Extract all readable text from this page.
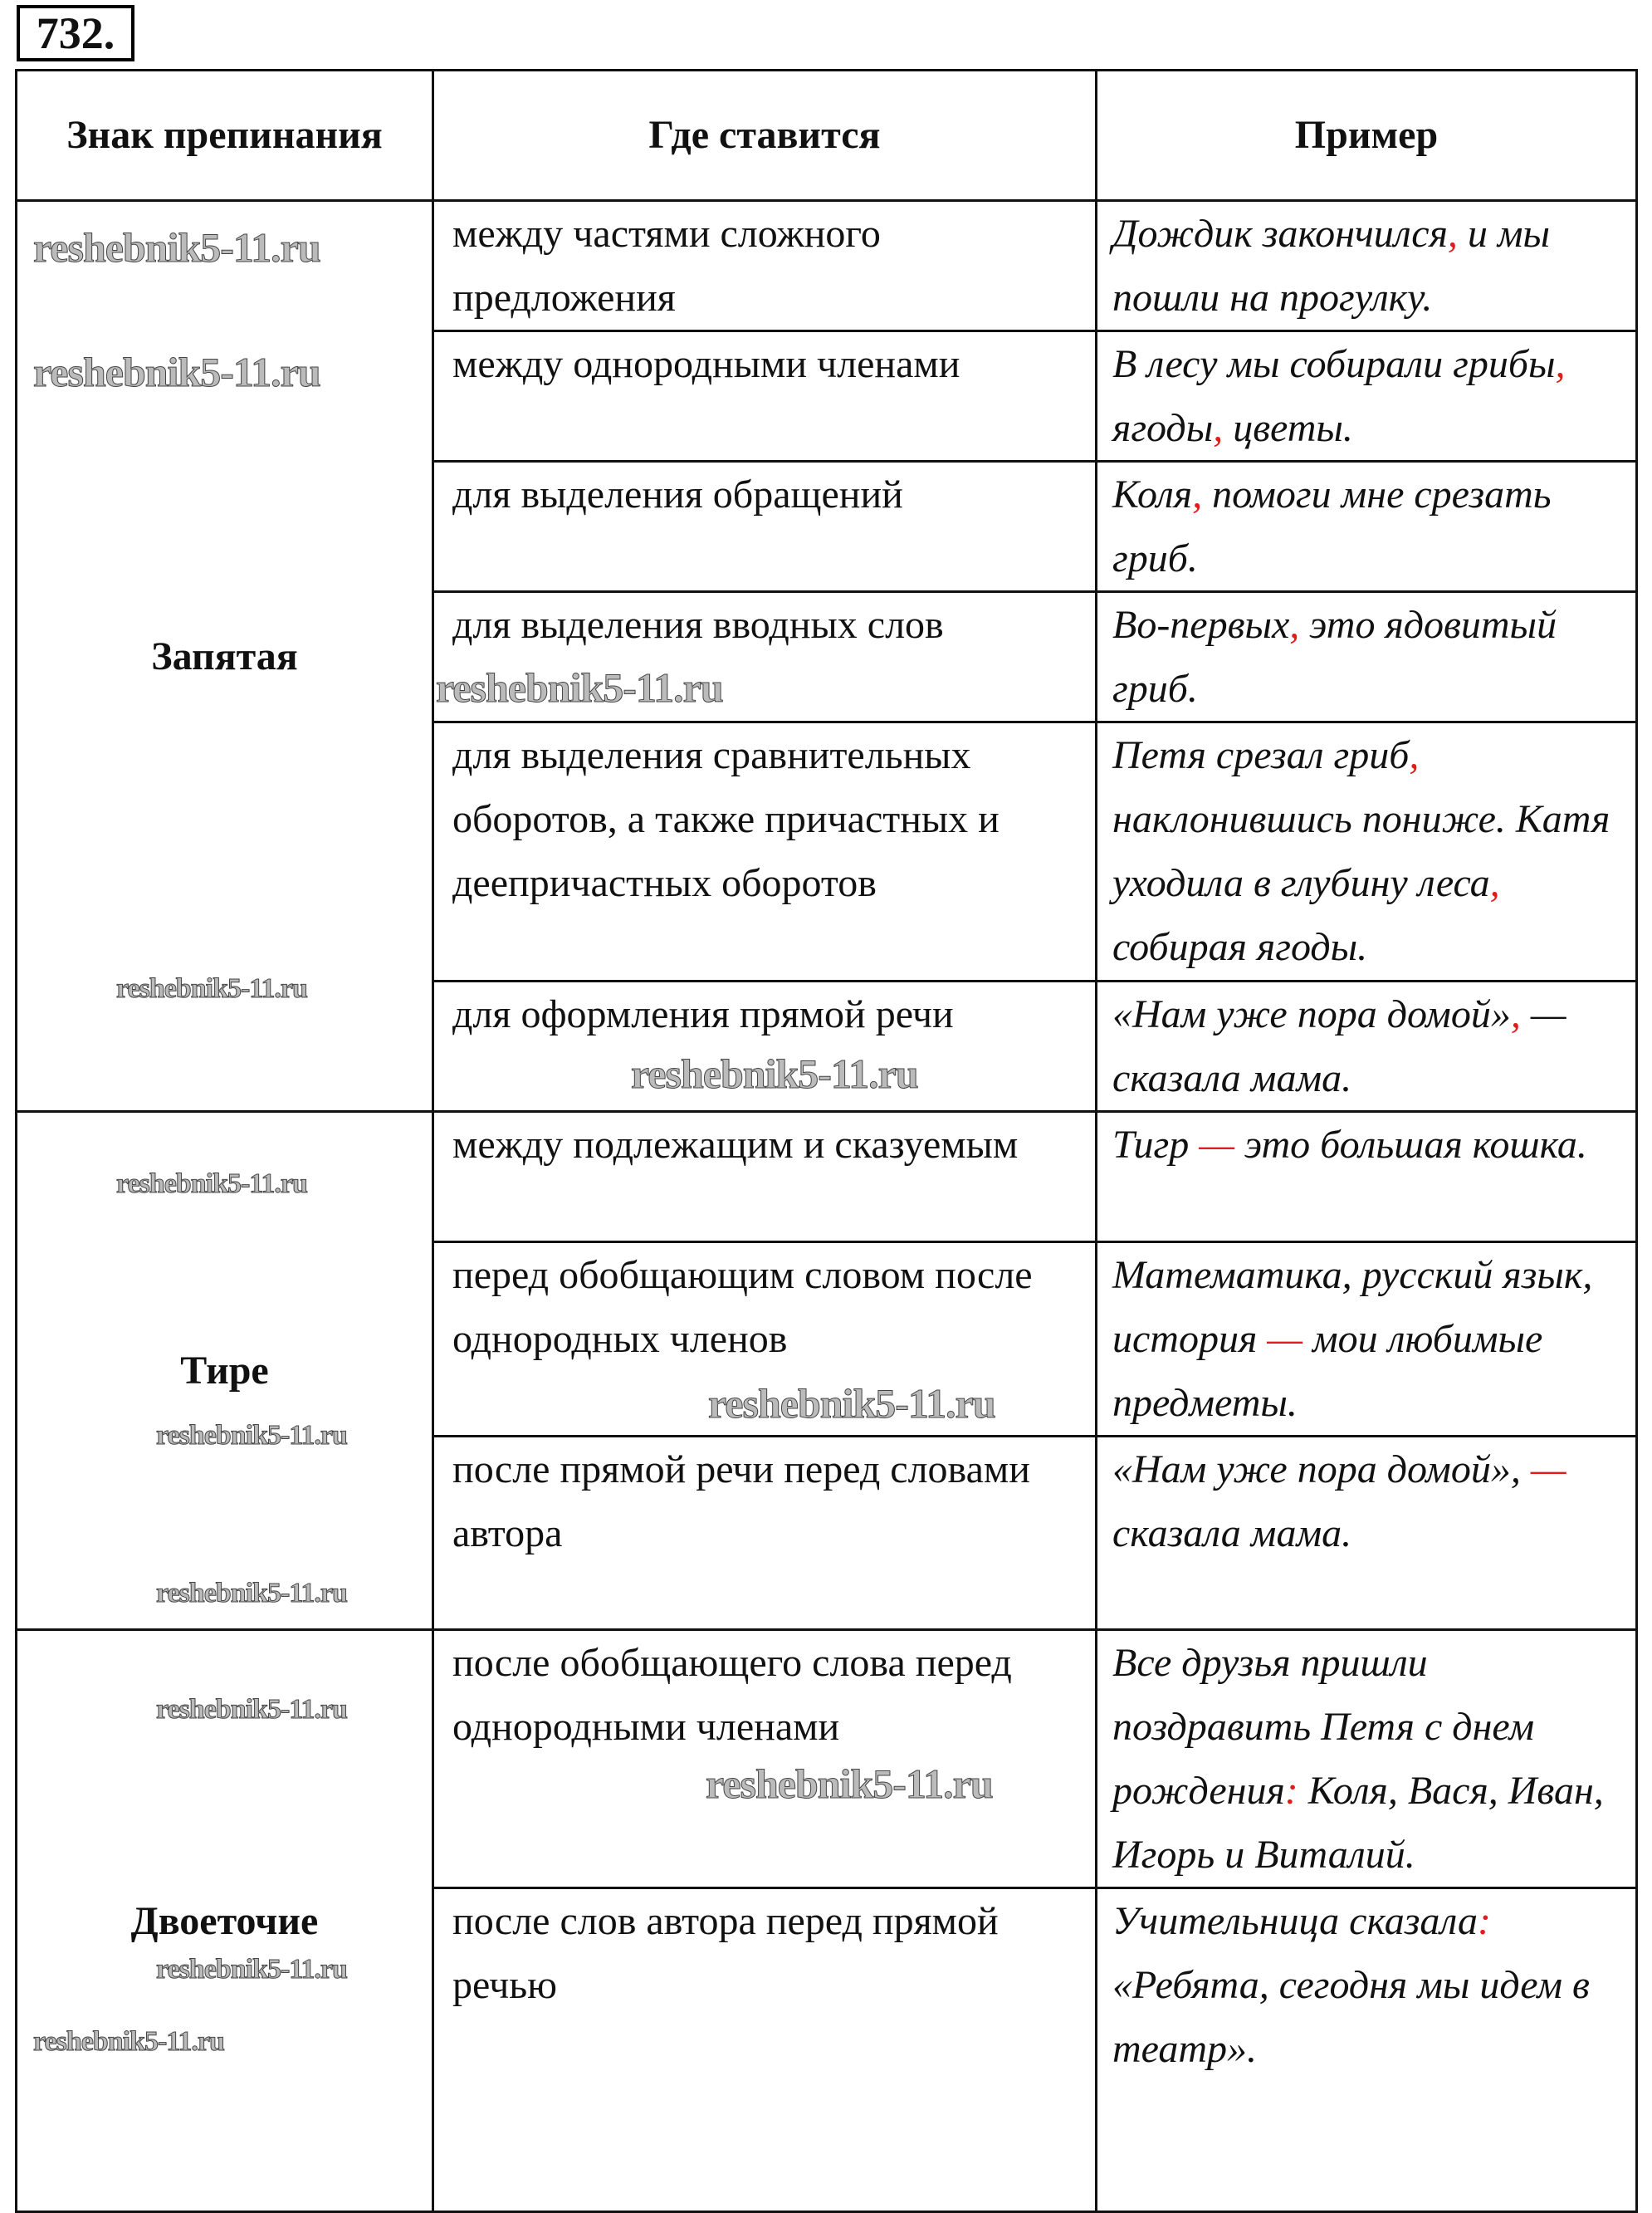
732.
Знак препинания	Где ставится	Пример
Запятая	между частями сложного предложения	Дождик закончился, и мы пошли на прогулку.
	между однородными членами	В лесу мы собирали грибы, ягоды, цветы.
	для выделения обращений	Коля, помоги мне срезать гриб.
	для выделения вводных слов	Во-первых, это ядовитый гриб.
	для выделения сравнительных оборотов, а также причастных и деепричастных оборотов	Петя срезал гриб, наклонившись пониже. Катя уходила в глубину леса, собирая ягоды.
	для оформления прямой речи	«Нам уже пора домой», — сказала мама.
Тире	между подлежащим и сказуемым	Тигр — это большая кошка.
	перед обобщающим словом после однородных членов	Математика, русский язык, история — мои любимые предметы.
	после прямой речи перед словами автора	«Нам уже пора домой», — сказала мама.
Двоеточие	после обобщающего слова перед однородными членами	Все друзья пришли поздравить Петя с днем рождения: Коля, Вася, Иван, Игорь и Виталий.
	после слов автора перед прямой речью	Учительница сказала: «Ребята, сегодня мы идем в театр».
reshebnik5-11.ru
reshebnik5-11.ru
reshebnik5-11.ru
reshebnik5-11.ru
reshebnik5-11.ru
reshebnik5-11.ru
reshebnik5-11.ru
reshebnik5-11.ru
reshebnik5-11.ru
reshebnik5-11.ru
reshebnik5-11.ru
reshebnik5-11.ru
reshebnik5-11.ru
